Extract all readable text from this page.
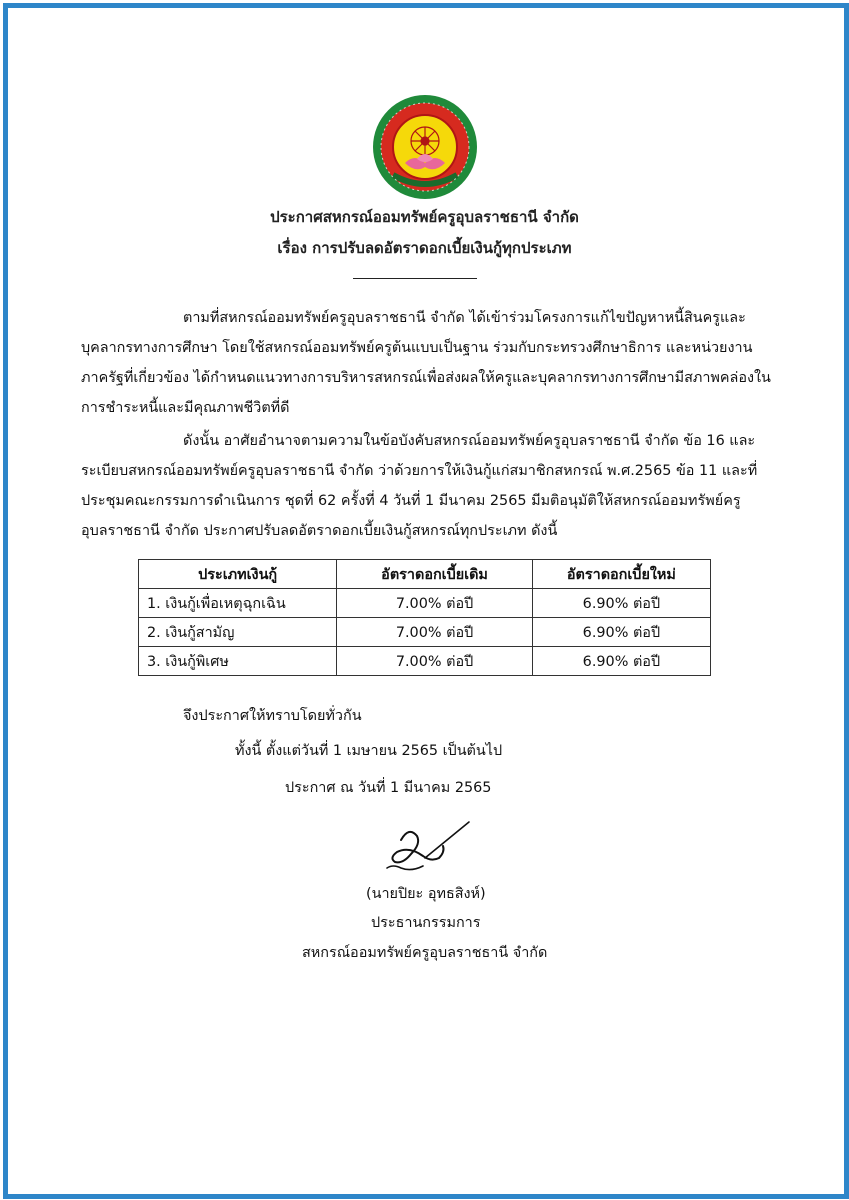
ประกาศสหกรณ์ออมทรัพย์ครูอุบลราชธานี จำกัด
เรื่อง การปรับลดอัตราดอกเบี้ยเงินกู้ทุกประเภท
ตามที่สหกรณ์ออมทรัพย์ครูอุบลราชธานี จำกัด ได้เข้าร่วมโครงการแก้ไขปัญหาหนี้สินครูและ
บุคลากรทางการศึกษา โดยใช้สหกรณ์ออมทรัพย์ครูต้นแบบเป็นฐาน ร่วมกับกระทรวงศึกษาธิการ และหน่วยงาน
ภาครัฐที่เกี่ยวข้อง ได้กำหนดแนวทางการบริหารสหกรณ์เพื่อส่งผลให้ครูและบุคลากรทางการศึกษามีสภาพคล่องใน
การชำระหนี้และมีคุณภาพชีวิตที่ดี
ดังนั้น อาศัยอำนาจตามความในข้อบังคับสหกรณ์ออมทรัพย์ครูอุบลราชธานี จำกัด ข้อ 16 และ
ระเบียบสหกรณ์ออมทรัพย์ครูอุบลราชธานี จำกัด ว่าด้วยการให้เงินกู้แก่สมาชิกสหกรณ์ พ.ศ.2565 ข้อ 11 และที่
ประชุมคณะกรรมการดำเนินการ ชุดที่ 62 ครั้งที่ 4 วันที่ 1 มีนาคม 2565 มีมติอนุมัติให้สหกรณ์ออมทรัพย์ครู
อุบลราชธานี จำกัด ประกาศปรับลดอัตราดอกเบี้ยเงินกู้สหกรณ์ทุกประเภท ดังนี้
ประเภทเงินกู้	อัตราดอกเบี้ยเดิม	อัตราดอกเบี้ยใหม่
1. เงินกู้เพื่อเหตุฉุกเฉิน	7.00% ต่อปี	6.90% ต่อปี
2. เงินกู้สามัญ	7.00% ต่อปี	6.90% ต่อปี
3. เงินกู้พิเศษ	7.00% ต่อปี	6.90% ต่อปี
จึงประกาศให้ทราบโดยทั่วกัน
ทั้งนี้ ตั้งแต่วันที่ 1 เมษายน 2565 เป็นต้นไป
ประกาศ ณ วันที่ 1 มีนาคม 2565
(นายปิยะ อุทธสิงห์)
ประธานกรรมการ
สหกรณ์ออมทรัพย์ครูอุบลราชธานี จำกัด
